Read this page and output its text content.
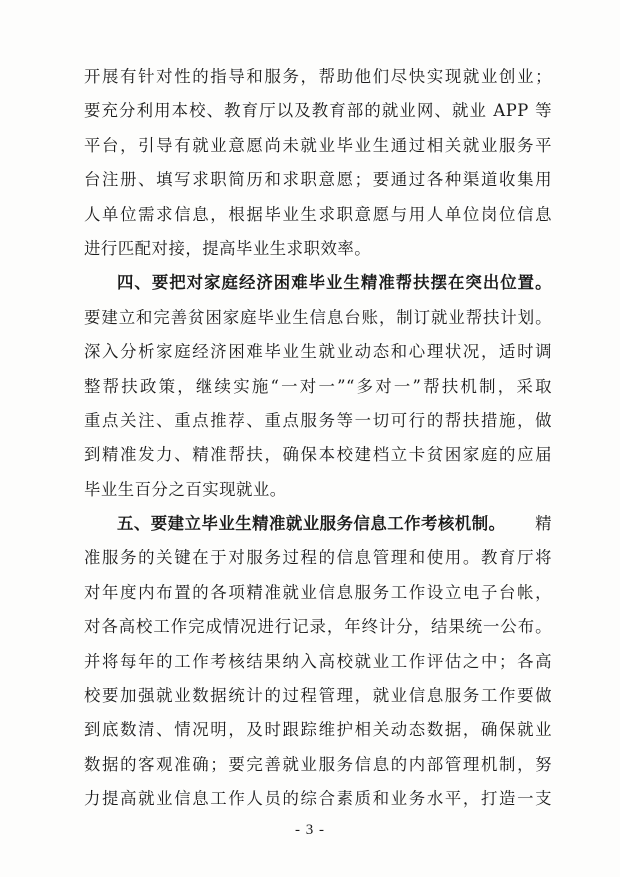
开展有针对性的指导和服务，帮助他们尽快实现就业创业；
要充分利用本校、教育厅以及教育部的就业网、就业 APP 等
平台，引导有就业意愿尚未就业毕业生通过相关就业服务平
台注册、填写求职简历和求职意愿；要通过各种渠道收集用
人单位需求信息，根据毕业生求职意愿与用人单位岗位信息
进行匹配对接，提高毕业生求职效率。
四、要把对家庭经济困难毕业生精准帮扶摆在突出位置。
要建立和完善贫困家庭毕业生信息台账，制订就业帮扶计划。
深入分析家庭经济困难毕业生就业动态和心理状况，适时调
整帮扶政策，继续实施“一对一”“多对一”帮扶机制，采取
重点关注、重点推荐、重点服务等一切可行的帮扶措施，做
到精准发力、精准帮扶，确保本校建档立卡贫困家庭的应届
毕业生百分之百实现就业。
五、要建立毕业生精准就业服务信息工作考核机制。 精
准服务的关键在于对服务过程的信息管理和使用。教育厅将
对年度内布置的各项精准就业信息服务工作设立电子台帐，
对各高校工作完成情况进行记录，年终计分，结果统一公布。
并将每年的工作考核结果纳入高校就业工作评估之中；各高
校要加强就业数据统计的过程管理，就业信息服务工作要做
到底数清、情况明，及时跟踪维护相关动态数据，确保就业
数据的客观准确；要完善就业服务信息的内部管理机制，努
力提高就业信息工作人员的综合素质和业务水平，打造一支
- 3 -
